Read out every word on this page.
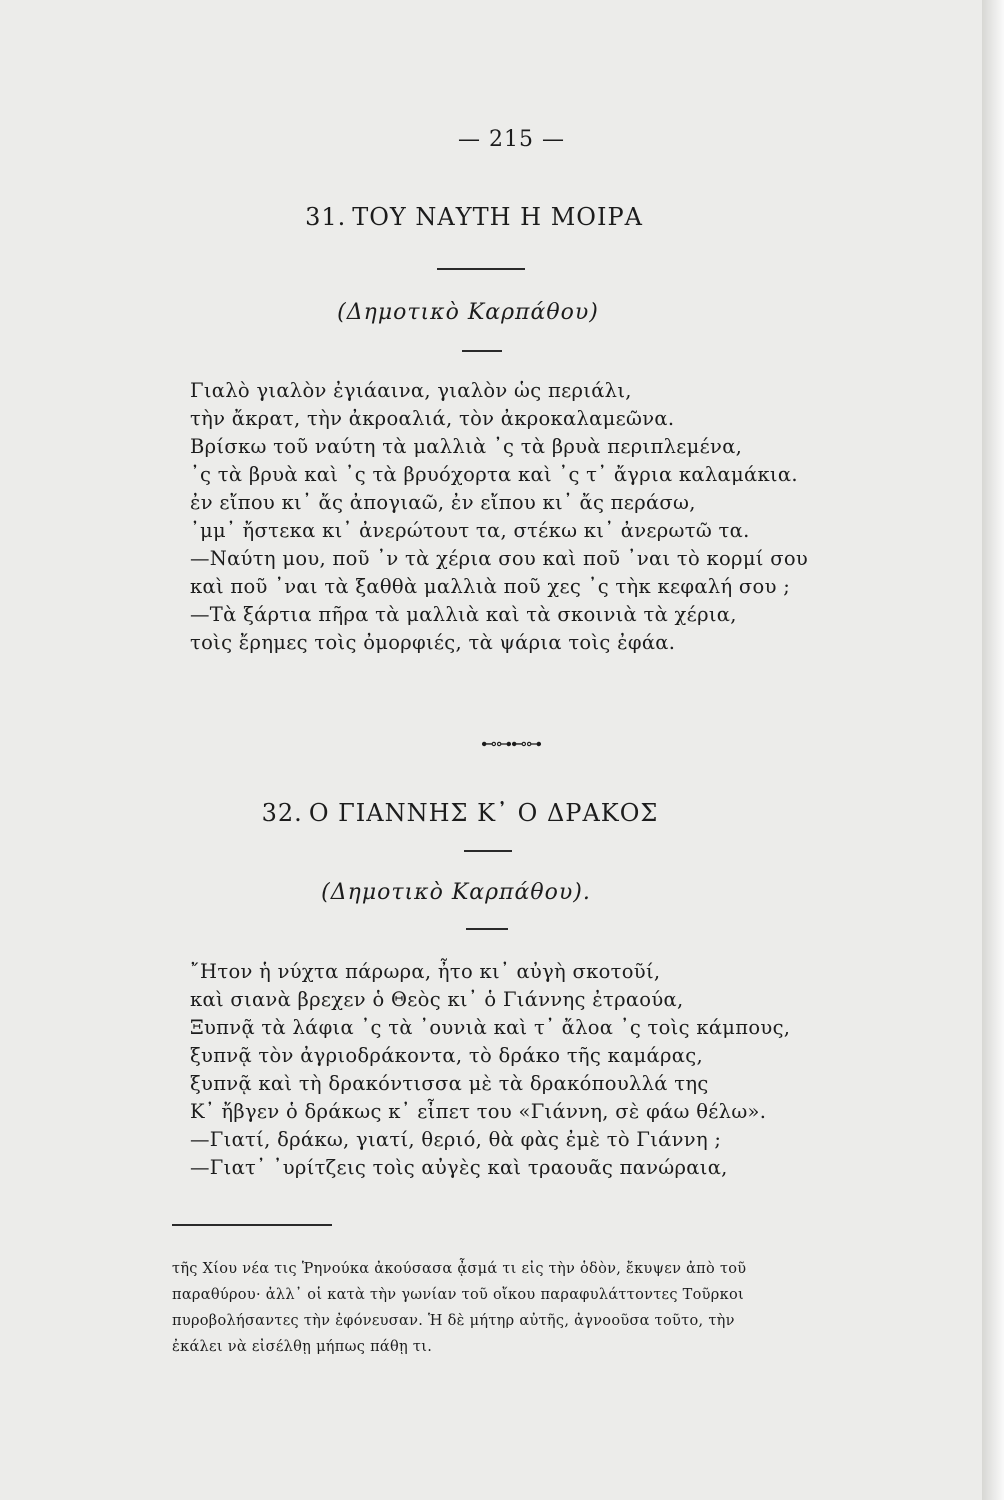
— 215 —
31. ΤΟΥ ΝΑΥΤΗ Η ΜΟΙΡΑ
(Δημοτικὸ Καρπάθου)
Γιαλὸ γιαλὸν ἐγιάαινα, γιαλὸν ὡς περιάλι,
τὴν ἄκρατ, τὴν ἀκροαλιά, τὸν ἀκροκαλαμεῶνα.
Βρίσκω τοῦ ναύτη τὰ μαλλιὰ ᾽ς τὰ βρυὰ περιπλεμένα,
᾽ς τὰ βρυὰ καὶ ᾽ς τὰ βρυόχορτα καὶ ᾽ς τ᾽ ἄγρια καλαμάκια.
ἐν εἴπου κι᾽ ἄς ἀπογιαῶ, ἐν εἴπου κι᾽ ἄς περάσω,
᾽μμ᾽ ἤστεκα κι᾽ ἀνερώτουτ τα, στέκω κι᾽ ἀνερωτῶ τα.
—Ναύτη μου, ποῦ ᾽ν τὰ χέρια σου καὶ ποῦ ᾽ναι τὸ κορμί σου
καὶ ποῦ ᾽ναι τὰ ξαθθὰ μαλλιὰ ποῦ χες ᾽ς τὴκ κεφαλή σου ;
—Τὰ ξάρτια πῆρα τὰ μαλλιὰ καὶ τὰ σκοινιὰ τὰ χέρια,
τοὶς ἔρημες τοὶς ὀμορφιές, τὰ ψάρια τοὶς ἐφάα.
⊷⊶⊷⊶
32. Ο ΓΙΑΝΝΗΣ Κ᾽ Ο ΔΡΑΚΟΣ
(Δημοτικὸ Καρπάθου).
῎Ητον ἡ νύχτα πάρωρα, ἦτο κι᾽ αὐγὴ σκοτοῦί,
καὶ σιανὰ βρεχεν ὁ Θεὸς κι᾽ ὁ Γιάννης ἐτραούα,
Ξυπνᾷ τὰ λάφια ᾽ς τὰ ᾽ουνιὰ καὶ τ᾽ ἄλοα ᾽ς τοὶς κάμπους,
ξυπνᾷ τὸν ἀγριοδράκοντα, τὸ δράκο τῆς καμάρας,
ξυπνᾷ καὶ τὴ δρακόντισσα μὲ τὰ δρακόπουλλά της
Κ᾽ ἤβγεν ὁ δράκως κ᾽ εἶπετ του «Γιάννη, σὲ φάω θέλω».
—Γιατί, δράκω, γιατί, θεριό, θὰ φὰς ἐμὲ τὸ Γιάννη ;
—Γιατ᾽ ᾽υρίτζεις τοὶς αὐγὲς καὶ τραουᾶς πανώραια,
τῆς Χίου νέα τις Ῥηνούκα ἀκούσασα ᾆσμά τι εἰς τὴν ὁδὸν, ἔκυψεν ἀπὸ τοῦ
παραθύρου· ἀλλ᾽ οἱ κατὰ τὴν γωνίαν τοῦ οἴκου παραφυλάττοντες Τοῦρκοι
πυροβολήσαντες τὴν ἐφόνευσαν. Ἡ δὲ μήτηρ αὐτῆς, ἀγνοοῦσα τοῦτο, τὴν
ἐκάλει νὰ εἰσέλθῃ μήπως πάθῃ τι.
